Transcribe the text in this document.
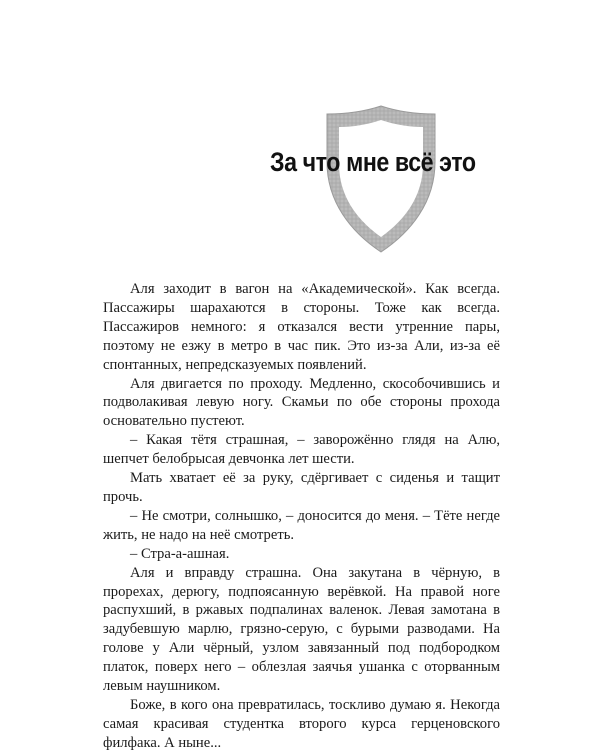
За что мне всё это

Аля заходит в вагон на «Академической». Как всегда. Пассажиры шарахаются в стороны. Тоже как всегда. Пассажиров немного: я отказался вести утренние пары, поэтому не езжу в метро в час пик. Это из-за Али, из-за её спонтанных, непредсказуемых появлений.

Аля двигается по проходу. Медленно, скособочившись и подволакивая левую ногу. Скамьи по обе стороны прохода основательно пустеют.

– Какая тётя страшная, – заворожённо глядя на Алю, шепчет белобрысая девчонка лет шести.

Мать хватает её за руку, сдёргивает с сиденья и тащит прочь.

– Не смотри, солнышко, – доносится до меня. – Тёте негде жить, не надо на неё смотреть.

– Стра-а-ашная.

Аля и вправду страшна. Она закутана в чёрную, в прорехах, дерюгу, подпоясанную верёвкой. На правой ноге распухший, в ржавых подпалинах валенок. Левая замотана в задубевшую марлю, грязно-серую, с бурыми разводами. На голове у Али чёрный, узлом завязанный под подбородком платок, поверх него – облезлая заячья ушанка с оторванным левым наушником.

Боже, в кого она превратилась, тоскливо думаю я. Некогда самая красивая студентка второго курса герценовского филфака. А ныне...
